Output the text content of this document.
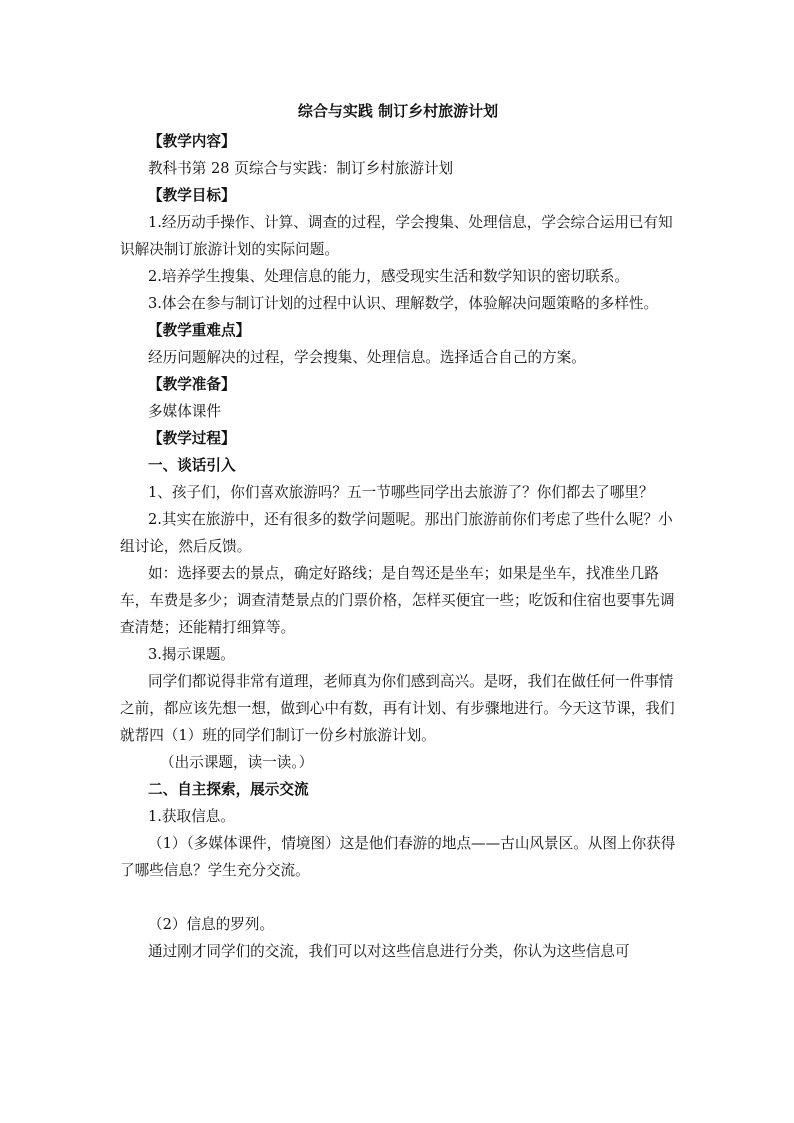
综合与实践 制订乡村旅游计划

【教学内容】

教科书第 28 页综合与实践：制订乡村旅游计划

【教学目标】

1.经历动手操作、计算、调查的过程，学会搜集、处理信息，学会综合运用已有知识解决制订旅游计划的实际问题。

2.培养学生搜集、处理信息的能力，感受现实生活和数学知识的密切联系。

3.体会在参与制订计划的过程中认识、理解数学，体验解决问题策略的多样性。

【教学重难点】

经历问题解决的过程，学会搜集、处理信息。选择适合自己的方案。

【教学准备】

多媒体课件

【教学过程】

一、谈话引入

1、孩子们，你们喜欢旅游吗？五一节哪些同学出去旅游了？你们都去了哪里？

2.其实在旅游中，还有很多的数学问题呢。那出门旅游前你们考虑了些什么呢？小组讨论，然后反馈。

如：选择要去的景点，确定好路线；是自驾还是坐车；如果是坐车，找准坐几路车，车费是多少；调查清楚景点的门票价格，怎样买便宜一些；吃饭和住宿也要事先调查清楚；还能精打细算等。

3.揭示课题。

同学们都说得非常有道理，老师真为你们感到高兴。是呀，我们在做任何一件事情之前，都应该先想一想，做到心中有数，再有计划、有步骤地进行。今天这节课，我们就帮四（1）班的同学们制订一份乡村旅游计划。

（出示课题，读一读。）

二、自主探索，展示交流

1.获取信息。

（1）（多媒体课件，情境图）这是他们春游的地点——古山风景区。从图上你获得了哪些信息？学生充分交流。

（2）信息的罗列。

通过刚才同学们的交流，我们可以对这些信息进行分类，你认为这些信息可
